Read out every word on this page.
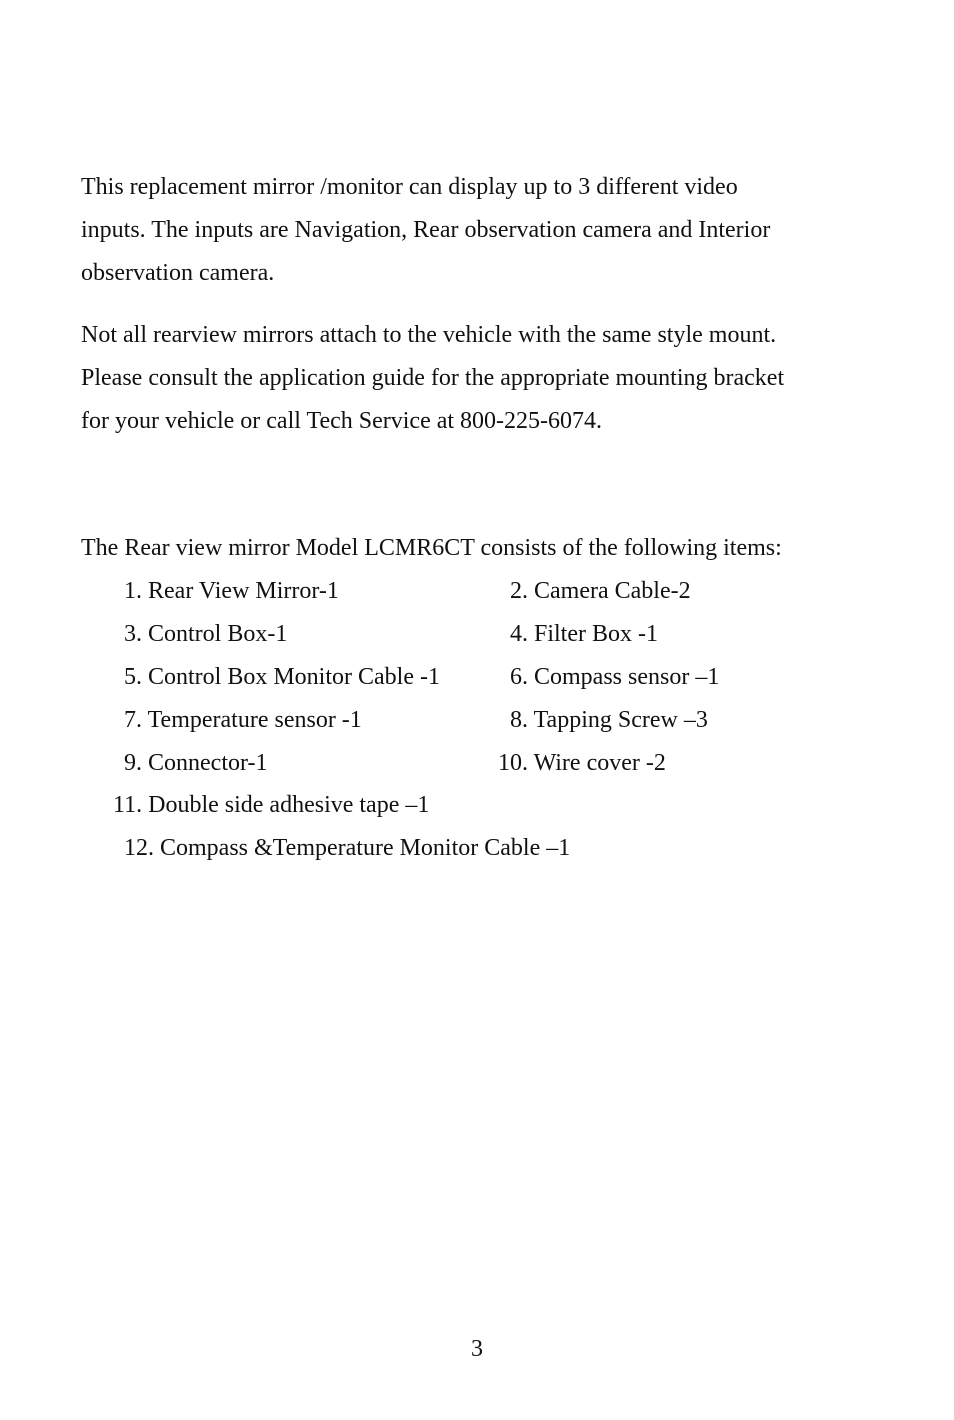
This replacement mirror /monitor can display up to 3 different video
inputs. The inputs are Navigation, Rear observation camera and Interior
observation camera.

Not all rearview mirrors attach to the vehicle with the same style mount.
Please consult the application guide for the appropriate mounting bracket
for your vehicle or call Tech Service at 800-225-6074.

The Rear view mirror Model LCMR6CT consists of the following items:

1. Rear View Mirror-1	2. Camera Cable-2
3. Control Box-1	4. Filter Box -1
5. Control Box Monitor Cable -1	6. Compass sensor –1
7. Temperature sensor -1	8. Tapping Screw –3
9. Connector-1	10. Wire cover -2
11. Double side adhesive tape –1
12. Compass &Temperature Monitor Cable –1
3
